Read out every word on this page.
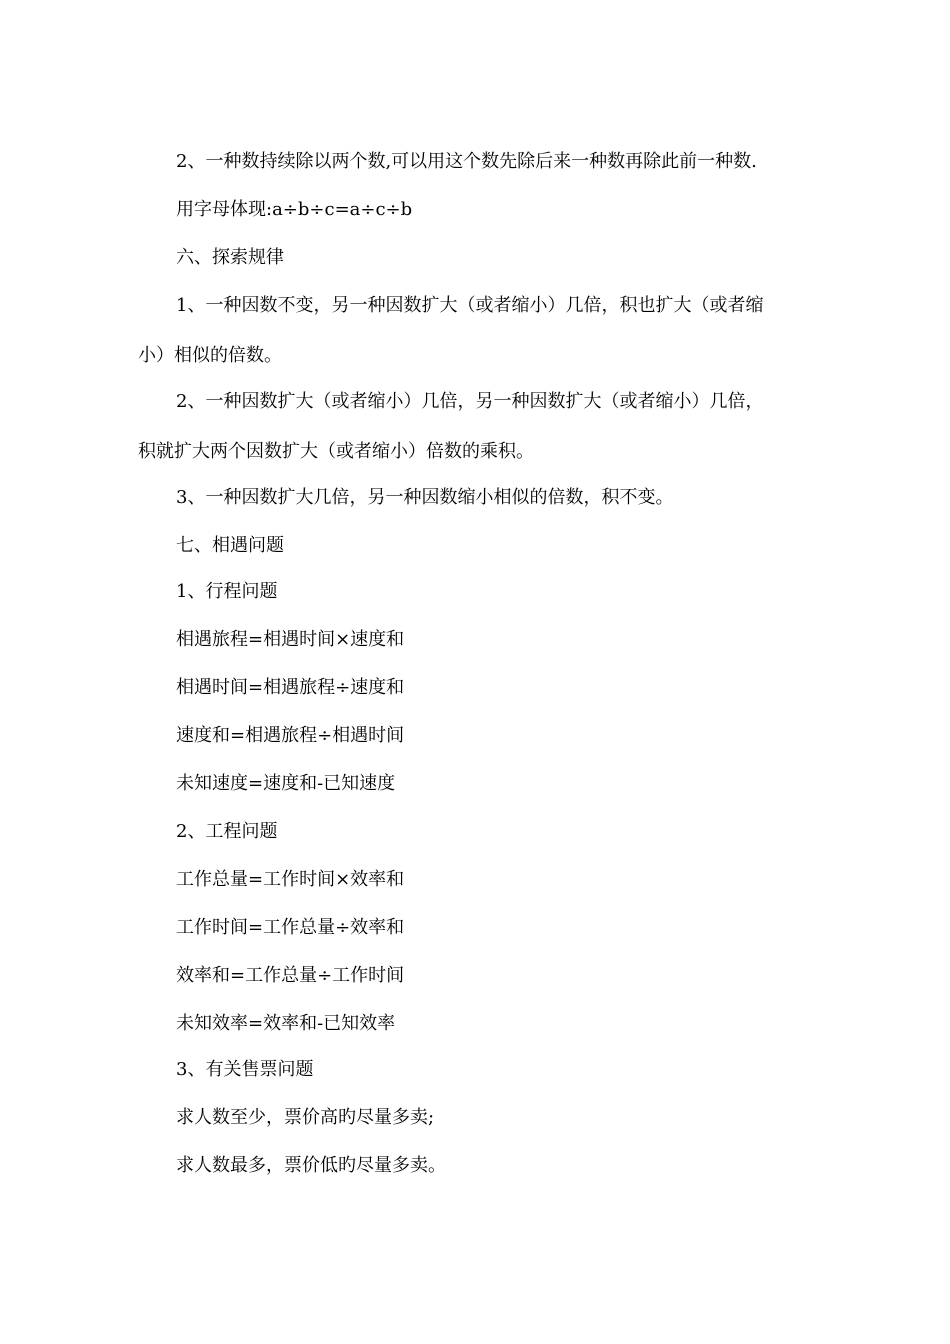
2、一种数持续除以两个数,可以用这个数先除后来一种数再除此前一种数.
用字母体现:a÷b÷c=a÷c÷b
六、探索规律
1、一种因数不变，另一种因数扩大（或者缩小）几倍，积也扩大（或者缩
小）相似的倍数。
2、一种因数扩大（或者缩小）几倍，另一种因数扩大（或者缩小）几倍，
积就扩大两个因数扩大（或者缩小）倍数的乘积。
3、一种因数扩大几倍，另一种因数缩小相似的倍数，积不变。
七、相遇问题
1、行程问题
相遇旅程=相遇时间×速度和
相遇时间=相遇旅程÷速度和
速度和=相遇旅程÷相遇时间
未知速度=速度和-已知速度
2、工程问题
工作总量=工作时间×效率和
工作时间=工作总量÷效率和
效率和=工作总量÷工作时间
未知效率=效率和-已知效率
3、有关售票问题
求人数至少，票价高旳尽量多卖;
求人数最多，票价低旳尽量多卖。
